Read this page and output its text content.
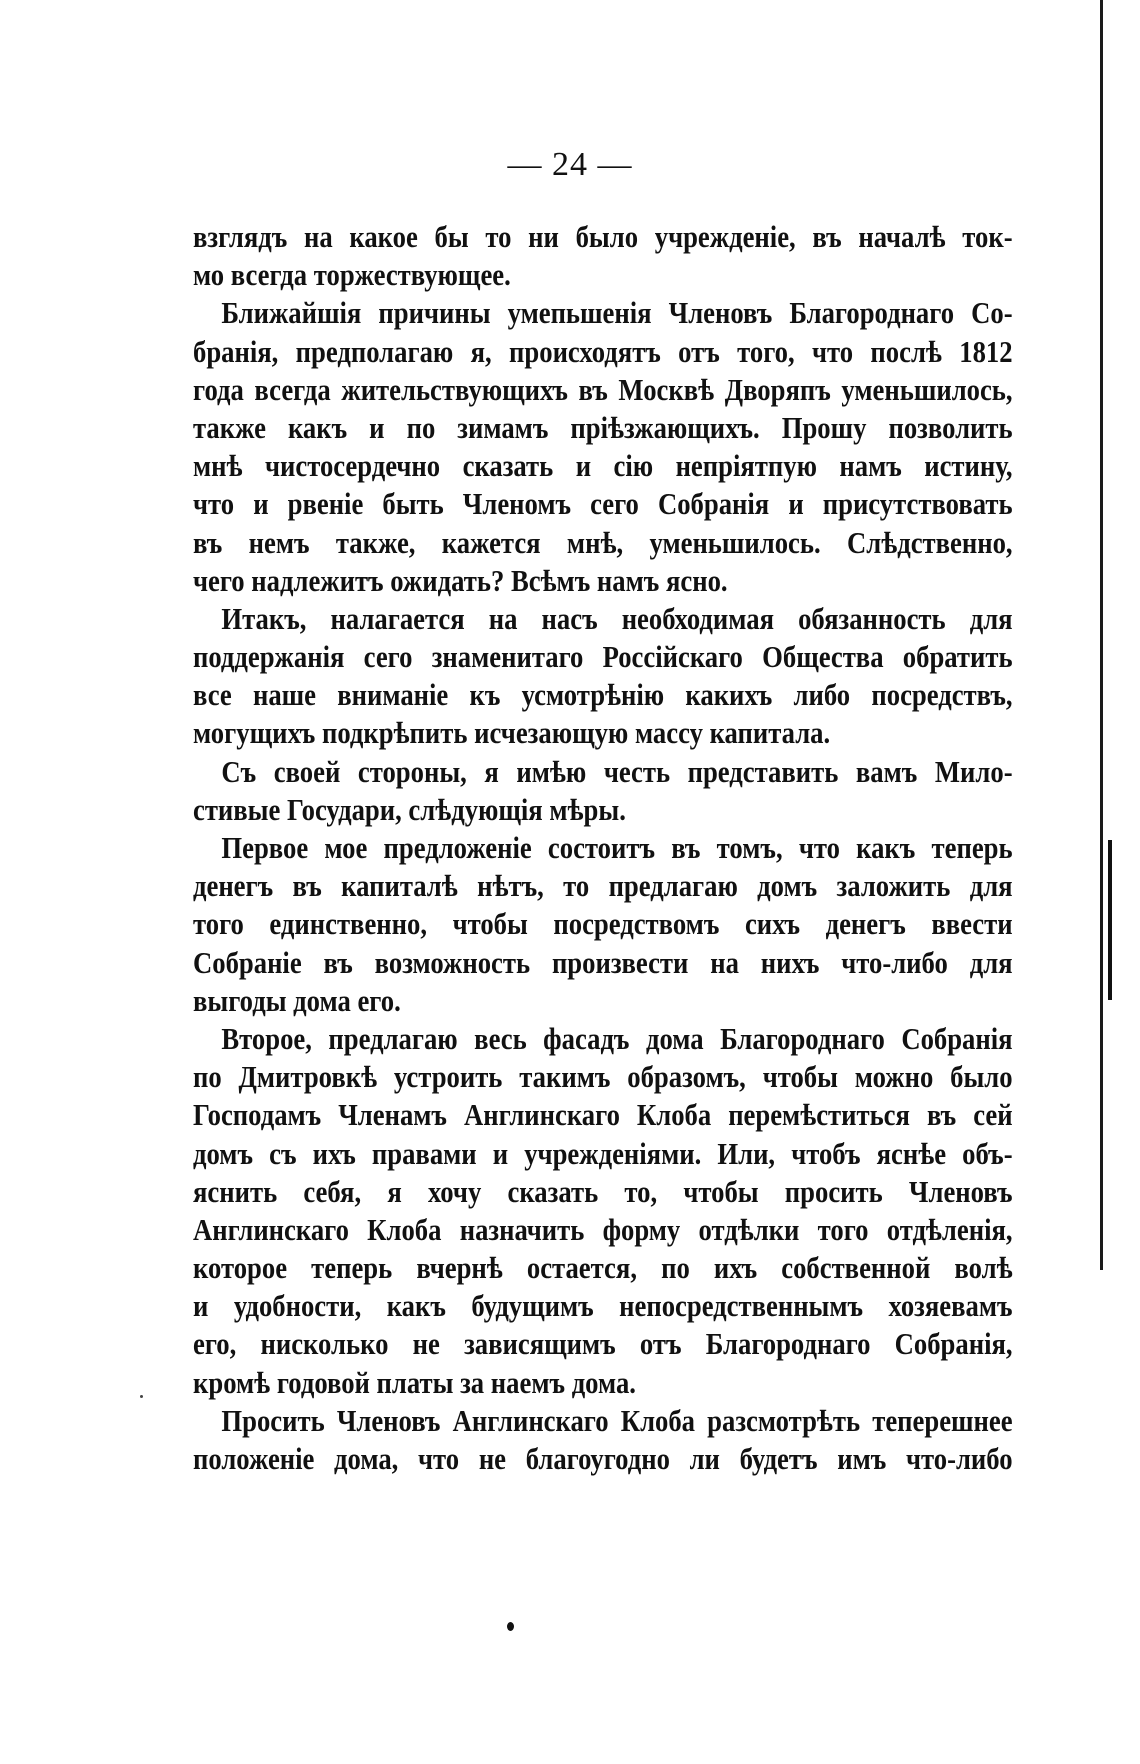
— 24 —
взглядъ на какое бы то ни было учрежденіе, въ началѣ ток-
мо всегда торжествующее.
Ближайшія причины умепьшенія Членовъ Благороднаго Со-
бранія, предполагаю я, происходятъ отъ того, что послѣ 1812
года всегда жительствующихъ въ Москвѣ Дворяпъ уменьшилось,
также какъ и по зимамъ пріѣзжающихъ. Прошу позволить
мнѣ чистосердечно сказать и сію непріятпую намъ истину,
что и рвеніе быть Членомъ сего Собранія и присутствовать
въ немъ также, кажется мнѣ, уменьшилось. Слѣдственно,
чего надлежитъ ожидать? Всѣмъ намъ ясно.
Итакъ, налагается на насъ необходимая обязанность для
поддержанія сего знаменитаго Россійскаго Общества обратить
все наше вниманіе къ усмотрѣнію какихъ либо посредствъ,
могущихъ подкрѣпить исчезающую массу капитала.
Съ своей стороны, я имѣю честь представить вамъ Мило-
стивые Государи, слѣдующія мѣры.
Первое мое предложеніе состоитъ въ томъ, что какъ теперь
денегъ въ капиталѣ нѣтъ, то предлагаю домъ заложить для
того единственно, чтобы посредствомъ сихъ денегъ ввести
Собраніе въ возможность произвести на нихъ что-либо для
выгоды дома его.
Второе, предлагаю весь фасадъ дома Благороднаго Собранія
по Дмитровкѣ устроить такимъ образомъ, чтобы можно было
Господамъ Членамъ Англинскаго Клоба перемѣститься въ сей
домъ съ ихъ правами и учрежденіями. Или, чтобъ яснѣе объ-
яснить себя, я хочу сказать то, чтобы просить Членовъ
Англинскаго Клоба назначить форму отдѣлки того отдѣленія,
которое теперь вчернѣ остается, по ихъ собственной волѣ
и удобности, какъ будущимъ непосредственнымъ хозяевамъ
его, нисколько не зависящимъ отъ Благороднаго Собранія,
кромѣ годовой платы за наемъ дома.
Просить Членовъ Англинскаго Клоба разсмотрѣть теперешнее
положеніе дома, что не благоугодно ли будетъ имъ что-либо
